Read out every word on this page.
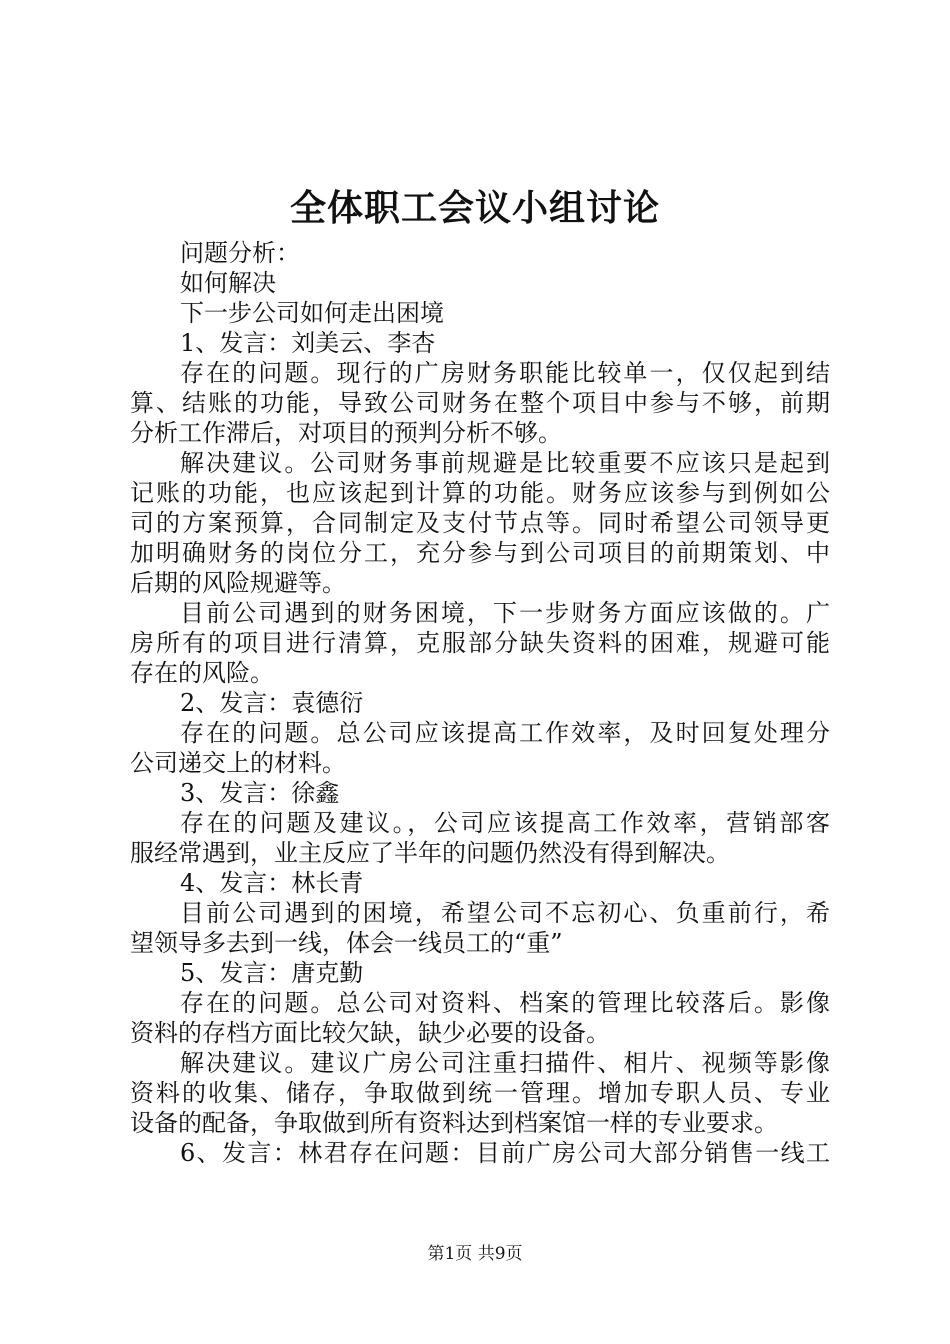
全体职工会议小组讨论

问题分析：

如何解决

下一步公司如何走出困境

1、发言：刘美云、李杏

存在的问题。现行的广房财务职能比较单一，仅仅起到结

算、结账的功能，导致公司财务在整个项目中参与不够，前期

分析工作滞后，对项目的预判分析不够。

解决建议。公司财务事前规避是比较重要不应该只是起到

记账的功能，也应该起到计算的功能。财务应该参与到例如公

司的方案预算，合同制定及支付节点等。同时希望公司领导更

加明确财务的岗位分工，充分参与到公司项目的前期策划、中

后期的风险规避等。

目前公司遇到的财务困境，下一步财务方面应该做的。广

房所有的项目进行清算，克服部分缺失资料的困难，规避可能

存在的风险。

2、发言：袁德衍

存在的问题。总公司应该提高工作效率，及时回复处理分

公司递交上的材料。

3、发言：徐鑫

存在的问题及建议。，公司应该提高工作效率，营销部客

服经常遇到，业主反应了半年的问题仍然没有得到解决。

4、发言：林长青

目前公司遇到的困境，希望公司不忘初心、负重前行，希

望领导多去到一线，体会一线员工的“重”

5、发言：唐克勤

存在的问题。总公司对资料、档案的管理比较落后。影像

资料的存档方面比较欠缺，缺少必要的设备。

解决建议。建议广房公司注重扫描件、相片、视频等影像

资料的收集、储存，争取做到统一管理。增加专职人员、专业

设备的配备，争取做到所有资料达到档案馆一样的专业要求。

6、发言：林君存在问题：目前广房公司大部分销售一线工

第1页 共9页
